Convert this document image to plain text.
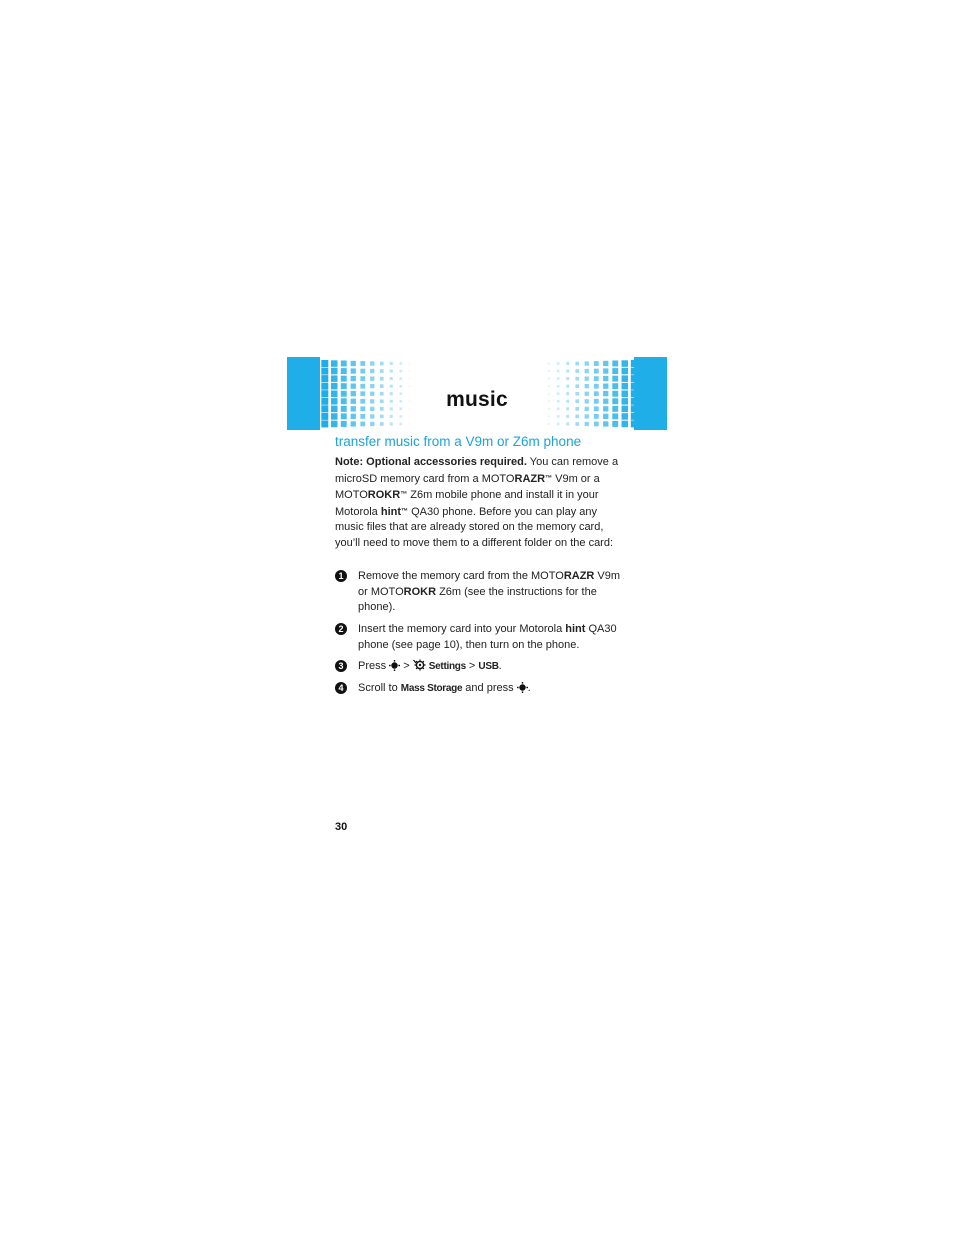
music
transfer music from a V9m or Z6m phone
Note: Optional accessories required. You can remove a microSD memory card from a MOTORAZR™ V9m or a MOTOROKR™ Z6m mobile phone and install it in your Motorola hint™ QA30 phone. Before you can play any music files that are already stored on the memory card, you’ll need to move them to a different folder on the card:
1	Remove the memory card from the MOTORAZR V9m or MOTOROKR Z6m (see the instructions for the phone).
2	Insert the memory card into your Motorola hint QA30 phone (see page 10), then turn on the phone.
3	Press  >  Settings > USB.
4	Scroll to Mass Storage and press .
30
